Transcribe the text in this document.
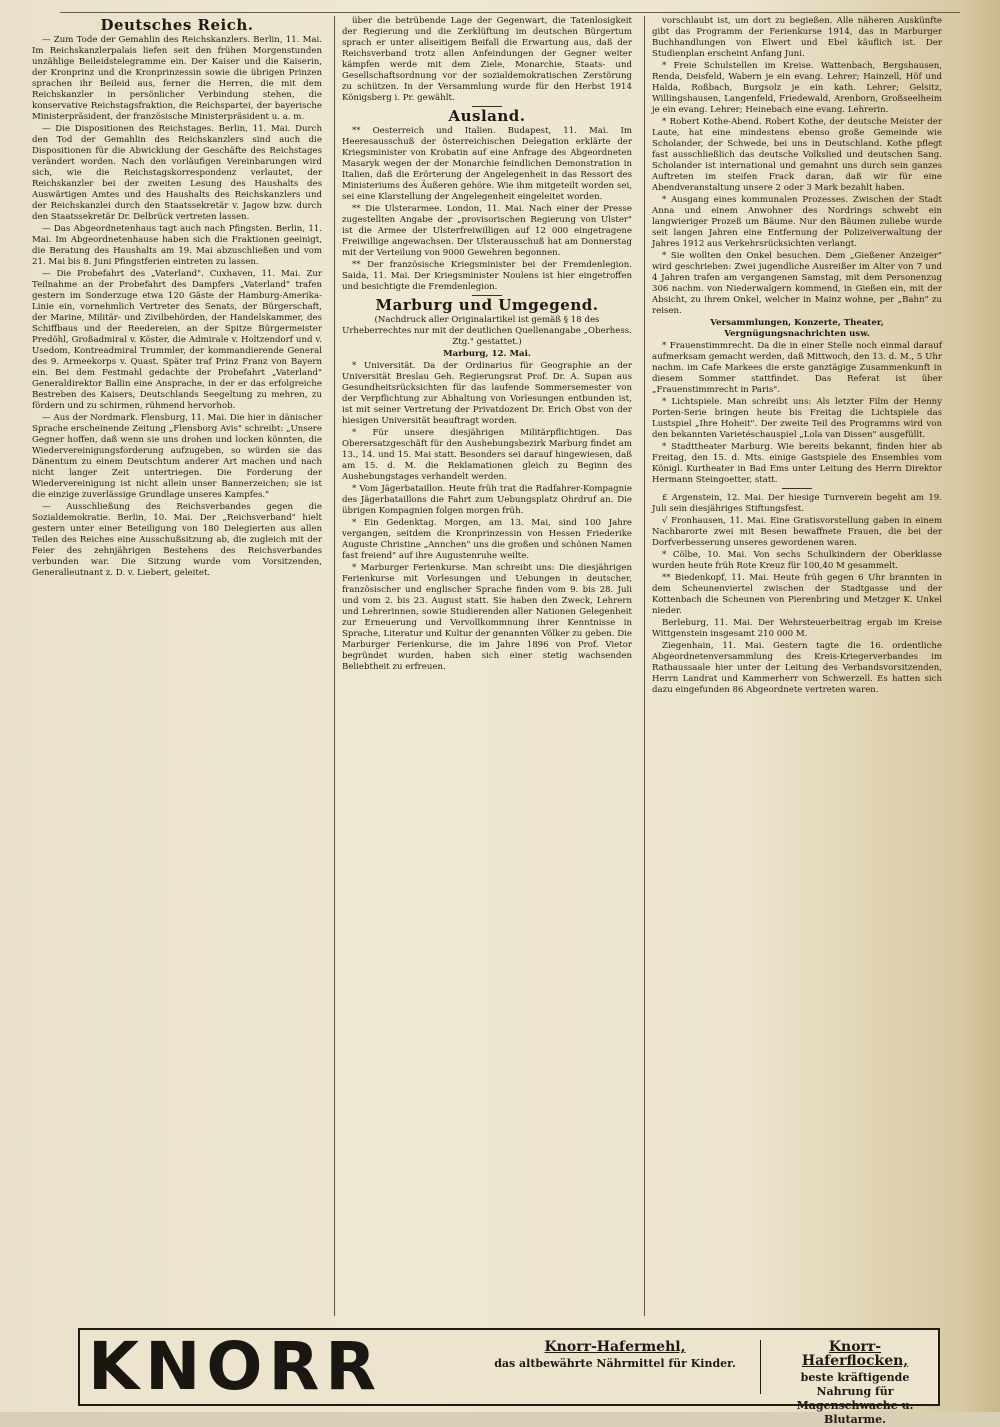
Deutsches Reich.

— Zum Tode der Gemahlin des Reichskanzlers. Berlin, 11. Mai. Im Reichskanzlerpalais liefen seit den frühen Morgenstunden unzählige Beileidstelegramme ein. Der Kaiser und die Kaiserin, der Kronprinz und die Kronprinzessin sowie die übrigen Prinzen sprachen ihr Beileid aus, ferner die Herren, die mit dem Reichskanzler in persönlicher Verbindung stehen, die konservative Reichstagsfraktion, die Reichspartei, der bayerische Ministerpräsident, der französische Ministerpräsident u. a. m.

— Die Dispositionen des Reichstages. Berlin, 11. Mai. Durch den Tod der Gemahlin des Reichskanzlers sind auch die Dispositionen für die Abwicklung der Geschäfte des Reichstages verändert worden. Nach den vorläufigen Vereinbarungen wird sich, wie die Reichstagskorrespondenz verlautet, der Reichskanzler bei der zweiten Lesung des Haushalts des Auswärtigen Amtes und des Haushalts des Reichskanzlers und der Reichskanzlei durch den Staatssekretär v. Jagow bzw. durch den Staatssekretär Dr. Delbrück vertreten lassen.

— Das Abgeordnetenhaus tagt auch nach Pfingsten. Berlin, 11. Mai. Im Abgeordnetenhause haben sich die Fraktionen geeinigt, die Beratung des Haushalts am 19. Mai abzuschließen und vom 21. Mai bis 8. Juni Pfingstferien eintreten zu lassen.

— Die Probefahrt des „Vaterland". Cuxhaven, 11. Mai. Zur Teilnahme an der Probefahrt des Dampfers „Vaterland" trafen gestern im Sonderzuge etwa 120 Gäste der Hamburg-Amerika-Linie ein, vornehmlich Vertreter des Senats, der Bürgerschaft, der Marine, Militär- und Zivilbehörden, der Handelskammer, des Schiffbaus und der Reedereien, an der Spitze Bürgermeister Predöhl, Großadmiral v. Köster, die Admirale v. Holtzendorf und v. Usedom, Kontreadmiral Trummler, der kommandierende General des 9. Armeekorps v. Quast. Später traf Prinz Franz von Bayern ein. Bei dem Festmahl gedachte der Probefahrt „Vaterland" Generaldirektor Ballin eine Ansprache, in der er das erfolgreiche Bestreben des Kaisers, Deutschlands Seegeltung zu mehren, zu fördern und zu schirmen, rühmend hervorhob.

— Aus der Nordmark. Flensburg, 11. Mai. Die hier in dänischer Sprache erscheinende Zeitung „Flensborg Avis" schreibt: „Unsere Gegner hoffen, daß wenn sie uns drohen und locken könnten, die Wiedervereinigungsforderung aufzugeben, so würden sie das Dänentum zu einem Deutschtum anderer Art machen und nach nicht langer Zeit untertriegen. Die Forderung der Wiedervereinigung ist nicht allein unser Bannerzeichen; sie ist die einzige zuverlässige Grundlage unseres Kampfes."

— Ausschließung des Reichsverbandes gegen die Sozialdemokratie. Berlin, 10. Mai. Der „Reichsverband" hielt gestern unter einer Beteiligung von 180 Delegierten aus allen Teilen des Reiches eine Ausschußsitzung ab, die zugleich mit der Feier des zehnjährigen Bestehens des Reichsverbandes verbunden war. Die Sitzung wurde vom Vorsitzenden, Generalleutnant z. D. v. Liebert, geleitet.

über die betrübende Lage der Gegenwart, die Tatenlosigkeit der Regierung und die Zerklüftung im deutschen Bürgertum sprach er unter allseitigem Beifall die Erwartung aus, daß der Reichsverband trotz allen Anfeindungen der Gegner weiter kämpfen werde mit dem Ziele, Monarchie, Staats- und Gesellschaftsordnung vor der sozialdemokratischen Zerstörung zu schützen. In der Versammlung wurde für den Herbst 1914 Königsberg i. Pr. gewählt.

Ausland.

** Oesterreich und Italien. Budapest, 11. Mai. Im Heeresausschuß der österreichischen Delegation erklärte der Kriegsminister von Krobatin auf eine Anfrage des Abgeordneten Masaryk wegen der der Monarchie feindlichen Demonstration in Italien, daß die Erörterung der Angelegenheit in das Ressort des Ministeriums des Äußeren gehöre. Wie ihm mitgeteilt worden sei, sei eine Klarstellung der Angelegenheit eingeleitet worden.

** Die Ulsterarmee. London, 11. Mai. Nach einer der Presse zugestellten Angabe der „provisorischen Regierung von Ulster" ist die Armee der Ulsterfreiwilligen auf 12 000 eingetragene Freiwillige angewachsen. Der Ulsterausschuß hat am Donnerstag mit der Verteilung von 9000 Gewehren begonnen.

** Der französische Kriegsminister bei der Fremdenlegion. Saida, 11. Mai. Der Kriegsminister Noulens ist hier eingetroffen und besichtigte die Fremdenlegion.

Marburg und Umgegend.

(Nachdruck aller Originalartikel ist gemäß § 18 des Urheberrechtes nur mit der deutlichen Quellenangabe „Oberhess. Ztg." gestattet.)

Marburg, 12. Mai.

* Universität. Da der Ordinarius für Geographie an der Universität Breslau Geh. Regierungsrat Prof. Dr. A. Supan aus Gesundheitsrücksichten für das laufende Sommersemester von der Verpflichtung zur Abhaltung von Vorlesungen entbunden ist, ist mit seiner Vertretung der Privatdozent Dr. Erich Obst von der hiesigen Universität beauftragt worden.

* Für unsere diesjährigen Militärpflichtigen. Das Oberersatzgeschäft für den Aushebungsbezirk Marburg findet am 13., 14. und 15. Mai statt. Besonders sei darauf hingewiesen, daß am 15. d. M. die Reklamationen gleich zu Beginn des Aushebungstages verhandelt werden.

* Vom Jägerbataillon. Heute früh trat die Radfahrer-Kompagnie des Jägerbataillons die Fahrt zum Uebungsplatz Ohrdruf an. Die übrigen Kompagnien folgen morgen früh.

* Ein Gedenktag. Morgen, am 13. Mai, sind 100 Jahre vergangen, seitdem die Kronprinzessin von Hessen Friederike Auguste Christine „Annchen" uns die großen und schönen Namen fast freiend" auf ihre Augustenruhe weilte.

* Marburger Ferienkurse. Man schreibt uns: Die diesjährigen Ferienkurse mit Vorlesungen und Uebungen in deutscher, französischer und englischer Sprache finden vom 9. bis 28. Juli und vom 2. bis 23. August statt. Sie haben den Zweck, Lehrern und Lehrerinnen, sowie Studierenden aller Nationen Gelegenheit zur Erneuerung und Vervollkommnung ihrer Kenntnisse in Sprache, Literatur und Kultur der genannten Völker zu geben. Die Marburger Ferienkurse, die im Jahre 1896 von Prof. Vietor begründet wurden, haben sich einer stetig wachsenden Beliebtheit zu erfreuen.

vorschlaubt ist, um dort zu begießen. Alle näheren Auskünfte gibt das Programm der Ferienkurse 1914, das in Marburger Buchhandlungen von Elwert und Ebel käuflich ist. Der Studienplan erscheint Anfang Juni.

* Freie Schulstellen im Kreise. Wattenbach, Bergshausen, Renda, Deisfeld, Wabern je ein evang. Lehrer; Hainzell, Höf und Halda, Roßbach, Burgsolz je ein kath. Lehrer; Gelsitz, Willingshausen, Langenfeld, Friedewald, Arenborn, Großseelheim je ein evang. Lehrer; Heinebach eine evang. Lehrerin.

* Robert Kothe-Abend. Robert Kothe, der deutsche Meister der Laute, hat eine mindestens ebenso große Gemeinde wie Scholander, der Schwede, bei uns in Deutschland. Kothe pflegt fast ausschließlich das deutsche Volkslied und deutschen Sang. Scholander ist international und gemahnt uns durch sein ganzes Auftreten im steifen Frack daran, daß wir für eine Abendveranstaltung unsere 2 oder 3 Mark bezahlt haben.

* Ausgang eines kommunalen Prozesses. Zwischen der Stadt Anna und einem Anwohner des Nordrings schwebt ein langwieriger Prozeß um Bäume. Nur den Bäumen zuliebe wurde seit langen Jahren eine Entfernung der Polizeiverwaltung der Jahres 1912 aus Verkehrsrücksichten verlangt.

* Sie wollten den Onkel besuchen. Dem „Gießener Anzeiger" wird geschrieben: Zwei jugendliche Ausreißer im Alter von 7 und 4 Jahren trafen am vergangenen Samstag, mit dem Personenzug 306 nachm. von Niederwalgern kommend, in Gießen ein, mit der Absicht, zu ihrem Onkel, welcher in Mainz wohne, per „Bahn" zu reisen.

Versammlungen, Konzerte, Theater, Vergnügungsnachrichten usw.

* Frauenstimmrecht. Da die in einer Stelle noch einmal darauf aufmerksam gemacht werden, daß Mittwoch, den 13. d. M., 5 Uhr nachm. im Cafe Markees die erste ganztägige Zusammenkunft in diesem Sommer stattfindet. Das Referat ist über „Frauenstimmrecht in Paris".

* Lichtspiele. Man schreibt uns: Als letzter Film der Henny Porten-Serie bringen heute bis Freitag die Lichtspiele das Lustspiel „Ihre Hoheit". Der zweite Teil des Programms wird von den bekannten Varietéschauspiel „Lola van Dissen" ausgefüllt.

* Stadttheater Marburg. Wie bereits bekannt, finden hier ab Freitag, den 15. d. Mts. einige Gastspiele des Ensembles vom Königl. Kurtheater in Bad Ems unter Leitung des Herrn Direktor Hermann Steingoetter, statt.

£ Argenstein, 12. Mai. Der hiesige Turnverein begeht am 19. Juli sein diesjähriges Stiftungsfest.

√ Fronhausen, 11. Mai. Eine Gratisvorstellung gaben in einem Nachbarorte zwei mit Besen bewaffnete Frauen, die bei der Dorfverbesserung unseres gewordenen waren.

* Cölbe, 10. Mai. Von sechs Schulkindern der Oberklasse wurden heute früh Rote Kreuz für 100,40 M gesammelt.

** Biedenkopf, 11. Mai. Heute früh gegen 6 Uhr brannten in dem Scheunenviertel zwischen der Stadtgasse und der Kottenbach die Scheunen von Pierenbring und Metzger K. Unkel nieder.

Berleburg, 11. Mai. Der Wehrsteuerbeitrag ergab im Kreise Wittgenstein insgesamt 210 000 M.

Ziegenhain, 11. Mai. Gestern tagte die 16. ordentliche Abgeordnetenversammlung des Kreis-Kriegerverbandes im Rathaussaale hier unter der Leitung des Verbandsvorsitzenden, Herrn Landrat und Kammerherr von Schwerzell. Es hatten sich dazu eingefunden 86 Abgeordnete vertreten waren.

KNORR	Knorr-Hafermehl,
das altbewährte Nährmittel für Kinder.
Knorr-Haferflocken,
beste kräftigende Nahrung für Magenschwache u. Blutarme.
